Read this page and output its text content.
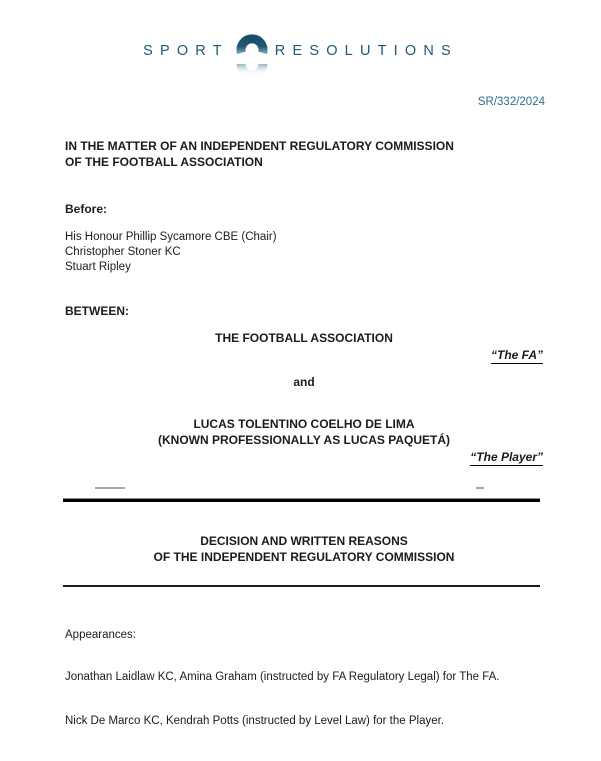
SPORT	RESOLUTIONS
SR/332/2024
IN THE MATTER OF AN INDEPENDENT REGULATORY COMMISSION
OF THE FOOTBALL ASSOCIATION
Before:
His Honour Phillip Sycamore CBE (Chair)
Christopher Stoner KC
Stuart Ripley
BETWEEN:
THE FOOTBALL ASSOCIATION
“The FA”
and
LUCAS TOLENTINO COELHO DE LIMA
(KNOWN PROFESSIONALLY AS LUCAS PAQUETÁ)
“The Player”
DECISION AND WRITTEN REASONS
OF THE INDEPENDENT REGULATORY COMMISSION
Appearances:
Jonathan Laidlaw KC, Amina Graham (instructed by FA Regulatory Legal) for The FA.
Nick De Marco KC, Kendrah Potts (instructed by Level Law) for the Player.
